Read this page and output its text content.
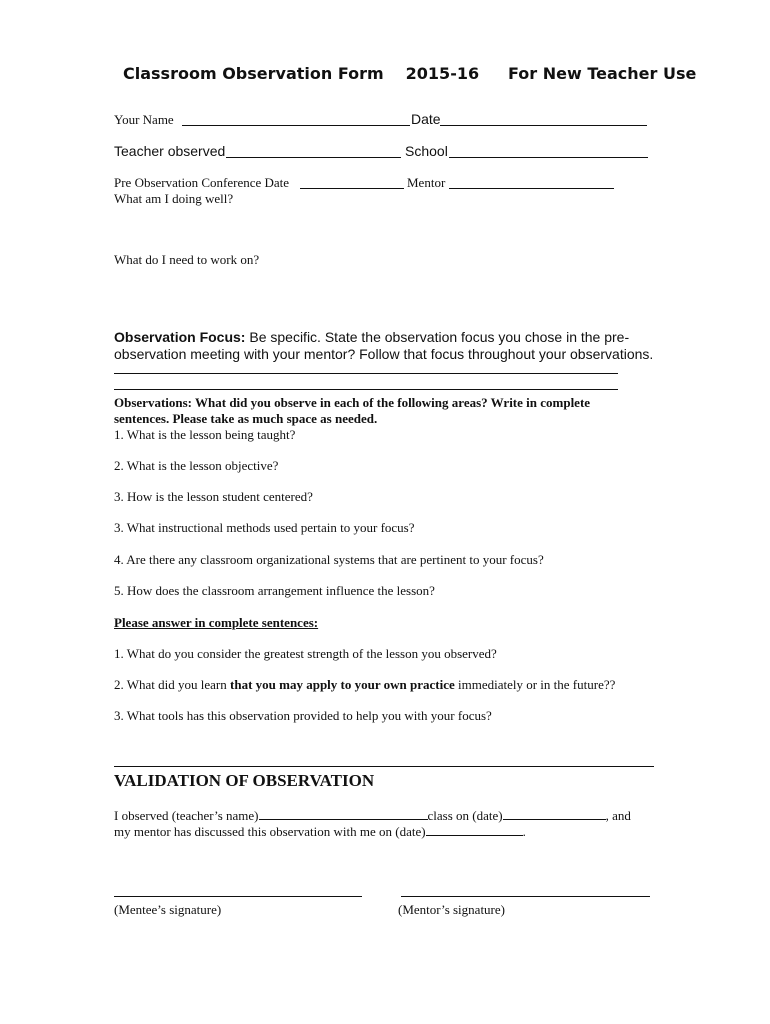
Classroom Observation Form 2015-16 For New Teacher Use
Your Name	Date
Teacher observed	School
Pre Observation Conference Date	Mentor
What am I doing well?
What do I need to work on?
Observation Focus: Be specific. State the observation focus you chose in the pre-
observation meeting with your mentor? Follow that focus throughout your observations.
Observations: What did you observe in each of the following areas? Write in complete
sentences. Please take as much space as needed.
1. What is the lesson being taught?
2. What is the lesson objective?
3. How is the lesson student centered?
3. What instructional methods used pertain to your focus?
4. Are there any classroom organizational systems that are pertinent to your focus?
5. How does the classroom arrangement influence the lesson?
Please answer in complete sentences:
1. What do you consider the greatest strength of the lesson you observed?
2. What did you learn that you may apply to your own practice immediately or in the future??
3. What tools has this observation provided to help you with your focus?
VALIDATION OF OBSERVATION
I observed (teacher’s name)	class on (date)	, and
my mentor has discussed this observation with me on (date)	.
(Mentee’s signature)	(Mentor’s signature)
